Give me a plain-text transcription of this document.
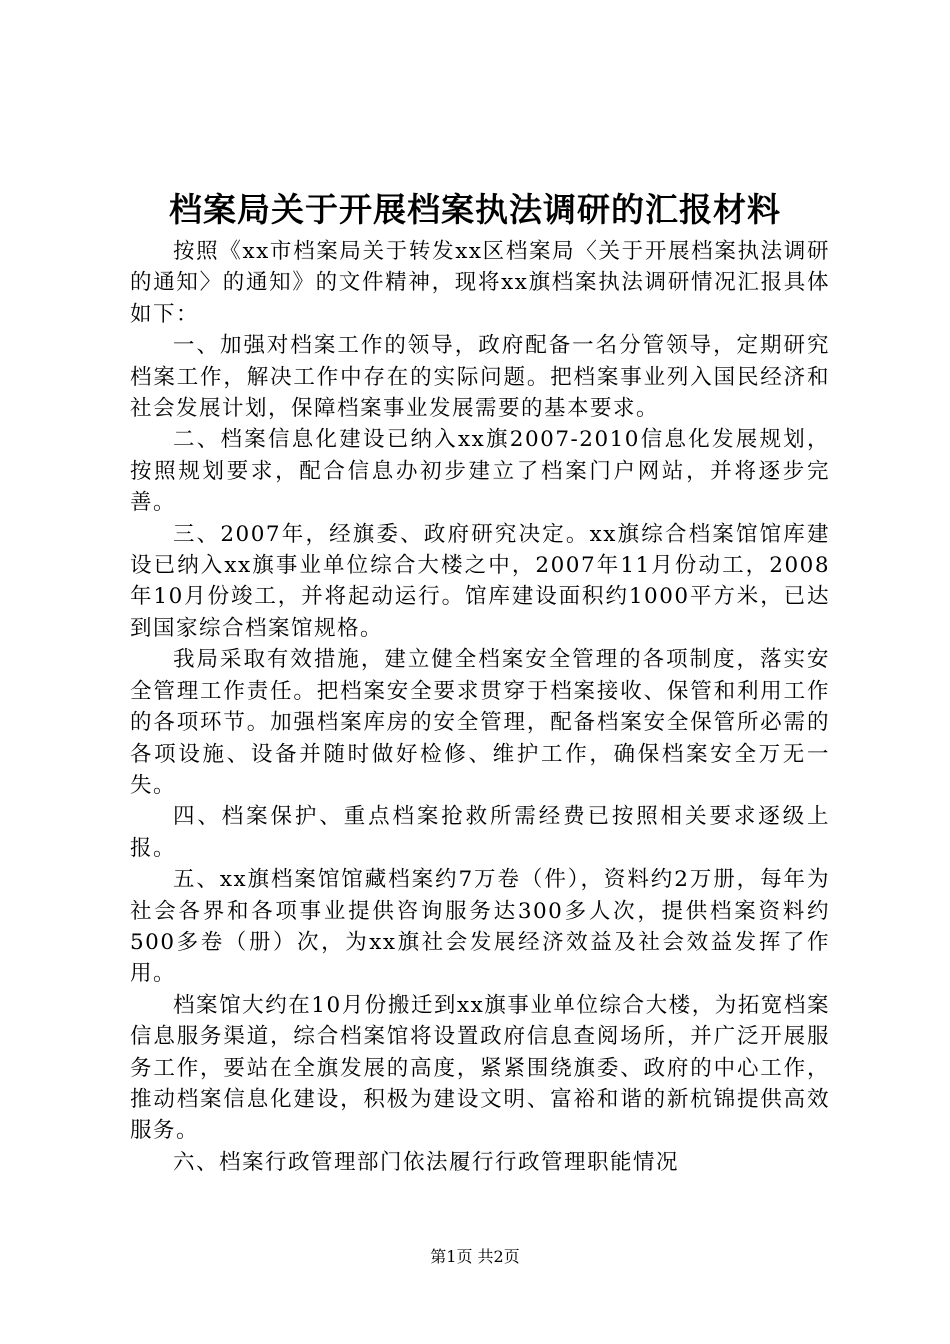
档案局关于开展档案执法调研的汇报材料

按照《xx市档案局关于转发xx区档案局〈关于开展档案执法调研的通知〉的通知》的文件精神，现将xx旗档案执法调研情况汇报具体如下：

一、加强对档案工作的领导，政府配备一名分管领导，定期研究档案工作，解决工作中存在的实际问题。把档案事业列入国民经济和社会发展计划，保障档案事业发展需要的基本要求。

二、档案信息化建设已纳入xx旗2007-2010信息化发展规划，按照规划要求，配合信息办初步建立了档案门户网站，并将逐步完善。

三、2007年，经旗委、政府研究决定。xx旗综合档案馆馆库建设已纳入xx旗事业单位综合大楼之中，2007年11月份动工，2008年10月份竣工，并将起动运行。馆库建设面积约1000平方米，已达到国家综合档案馆规格。

我局采取有效措施，建立健全档案安全管理的各项制度，落实安全管理工作责任。把档案安全要求贯穿于档案接收、保管和利用工作的各项环节。加强档案库房的安全管理，配备档案安全保管所必需的各项设施、设备并随时做好检修、维护工作，确保档案安全万无一失。

四、档案保护、重点档案抢救所需经费已按照相关要求逐级上报。

五、xx旗档案馆馆藏档案约7万卷（件），资料约2万册，每年为社会各界和各项事业提供咨询服务达300多人次，提供档案资料约500多卷（册）次，为xx旗社会发展经济效益及社会效益发挥了作用。

档案馆大约在10月份搬迁到xx旗事业单位综合大楼，为拓宽档案信息服务渠道，综合档案馆将设置政府信息查阅场所，并广泛开展服务工作，要站在全旗发展的高度，紧紧围绕旗委、政府的中心工作，推动档案信息化建设，积极为建设文明、富裕和谐的新杭锦提供高效服务。

六、档案行政管理部门依法履行行政管理职能情况

第1页 共2页
